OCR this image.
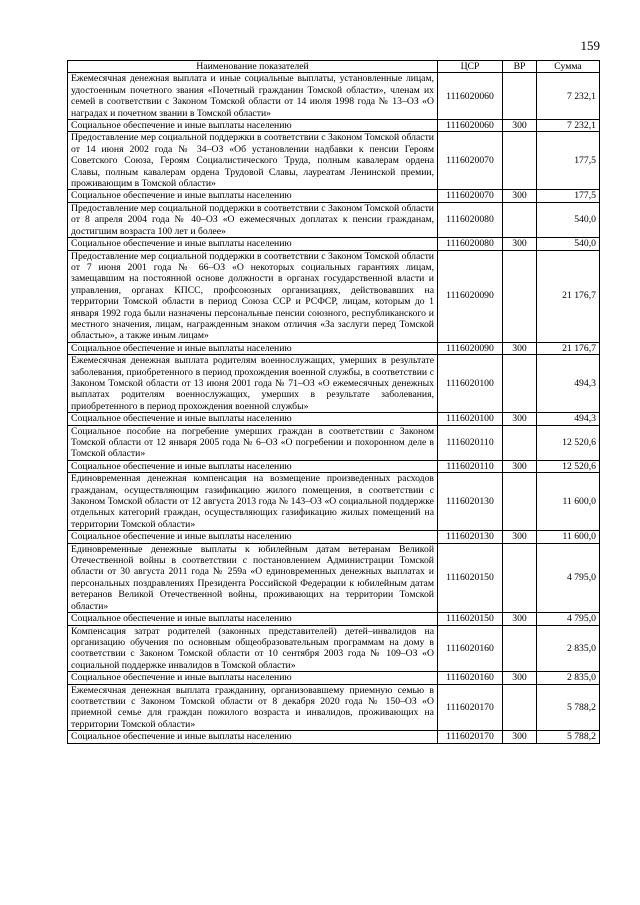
159
Наименование показателей	ЦСР	ВР	Сумма
Ежемесячная денежная выплата и иные социальные выплаты, установленные лицам, удостоенным почетного звания «Почетный гражданин Томской области», членам их семей в соответствии с Законом Томской области от 14 июля 1998 года № 13–ОЗ «О наградах и почетном звании в Томской области»	1116020060		7 232,1
Социальное обеспечение и иные выплаты населению	1116020060	300	7 232,1
Предоставление мер социальной поддержки в соответствии с Законом Томской области от 14 июня 2002 года № 34–ОЗ «Об установлении надбавки к пенсии Героям Советского Союза, Героям Социалистического Труда, полным кавалерам ордена Славы, полным кавалерам ордена Трудовой Славы, лауреатам Ленинской премии, проживающим в Томской области»	1116020070		177,5
Социальное обеспечение и иные выплаты населению	1116020070	300	177,5
Предоставление мер социальной поддержки в соответствии с Законом Томской области от 8 апреля 2004 года № 40–ОЗ «О ежемесячных доплатах к пенсии гражданам, достигшим возраста 100 лет и более»	1116020080		540,0
Социальное обеспечение и иные выплаты населению	1116020080	300	540,0
Предоставление мер социальной поддержки в соответствии с Законом Томской области от 7 июня 2001 года № 66–ОЗ «О некоторых социальных гарантиях лицам, замещавшим на постоянной основе должности в органах государственной власти и управления, органах КПСС, профсоюзных организациях, действовавших на территории Томской области в период Союза ССР и РСФСР, лицам, которым до 1 января 1992 года были назначены персональные пенсии союзного, республиканского и местного значения, лицам, награжденным знаком отличия «За заслуги перед Томской областью», а также иным лицам»	1116020090		21 176,7
Социальное обеспечение и иные выплаты населению	1116020090	300	21 176,7
Ежемесячная денежная выплата родителям военнослужащих, умерших в результате заболевания, приобретенного в период прохождения военной службы, в соответствии с Законом Томской области от 13 июня 2001 года № 71–ОЗ «О ежемесячных денежных выплатах родителям военнослужащих, умерших в результате заболевания, приобретенного в период прохождения военной службы»	1116020100		494,3
Социальное обеспечение и иные выплаты населению	1116020100	300	494,3
Социальное пособие на погребение умерших граждан в соответствии с Законом Томской области от 12 января 2005 года № 6–ОЗ «О погребении и похоронном деле в Томской области»	1116020110		12 520,6
Социальное обеспечение и иные выплаты населению	1116020110	300	12 520,6
Единовременная денежная компенсация на возмещение произведенных расходов гражданам, осуществляющим газификацию жилого помещения, в соответствии с Законом Томской области от 12 августа 2013 года № 143–ОЗ «О социальной поддержке отдельных категорий граждан, осуществляющих газификацию жилых помещений на территории Томской области»	1116020130		11 600,0
Социальное обеспечение и иные выплаты населению	1116020130	300	11 600,0
Единовременные денежные выплаты к юбилейным датам ветеранам Великой Отечественной войны в соответствии с постановлением Администрации Томской области от 30 августа 2011 года № 259а «О единовременных денежных выплатах и персональных поздравлениях Президента Российской Федерации к юбилейным датам ветеранов Великой Отечественной войны, проживающих на территории Томской области»	1116020150		4 795,0
Социальное обеспечение и иные выплаты населению	1116020150	300	4 795,0
Компенсация затрат родителей (законных представителей) детей–инвалидов на организацию обучения по основным общеобразовательным программам на дому в соответствии с Законом Томской области от 10 сентября 2003 года № 109–ОЗ «О социальной поддержке инвалидов в Томской области»	1116020160		2 835,0
Социальное обеспечение и иные выплаты населению	1116020160	300	2 835,0
Ежемесячная денежная выплата гражданину, организовавшему приемную семью в соответствии с Законом Томской области от 8 декабря 2020 года № 150–ОЗ «О приемной семье для граждан пожилого возраста и инвалидов, проживающих на территории Томской области»	1116020170		5 788,2
Социальное обеспечение и иные выплаты населению	1116020170	300	5 788,2
